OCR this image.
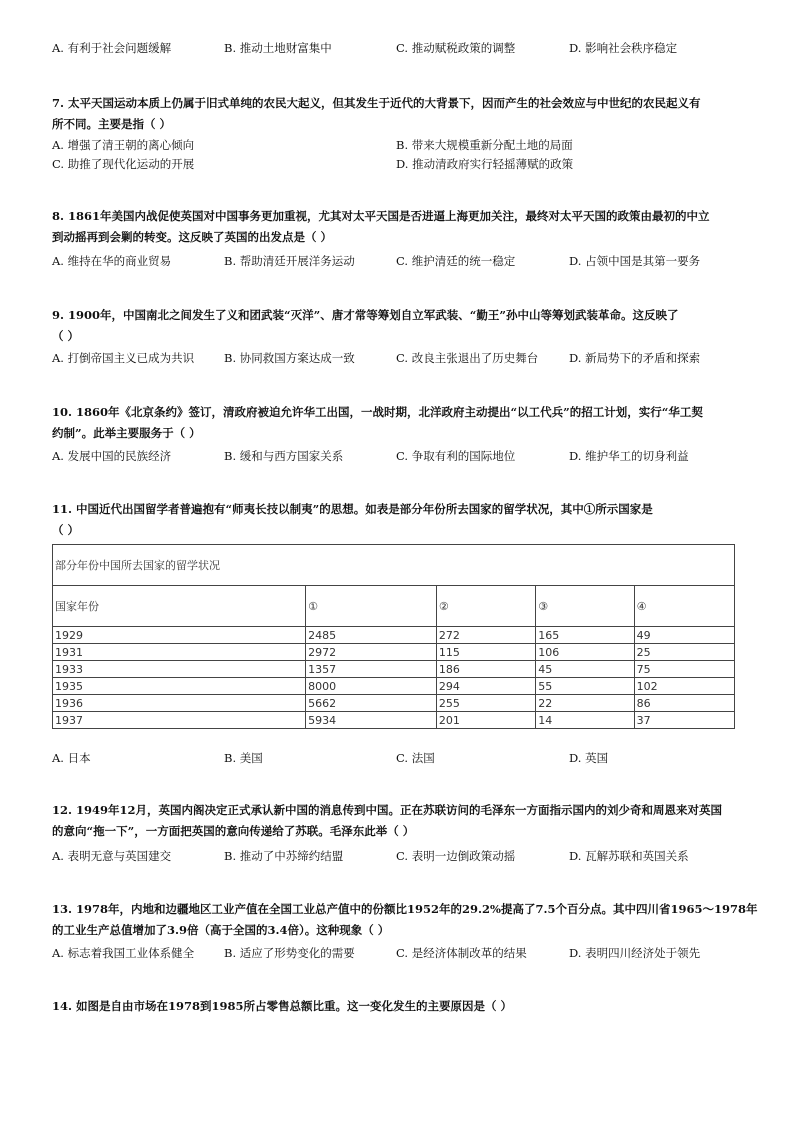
A. 有利于社会问题缓解	B. 推动土地财富集中	C. 推动赋税政策的调整	D. 影响社会秩序稳定
7. 太平天国运动本质上仍属于旧式单纯的农民大起义，但其发生于近代的大背景下，因而产生的社会效应与中世纪的农民起义有
所不同。主要是指（ ）
A. 增强了清王朝的离心倾向	B. 带来大规模重新分配土地的局面
C. 助推了现代化运动的开展	D. 推动清政府实行轻摇薄赋的政策
8. 1861年美国内战促使英国对中国事务更加重视，尤其对太平天国是否进逼上海更加关注，最终对太平天国的政策由最初的中立
到动摇再到会剿的转变。这反映了英国的出发点是（ ）
A. 维持在华的商业贸易	B. 帮助清廷开展洋务运动	C. 维护清廷的统一稳定	D. 占领中国是其第一要务
9. 1900年，中国南北之间发生了义和团武装“灭洋”、唐才常等筹划自立军武装、“勤王”孙中山等筹划武装革命。这反映了
（ ）
A. 打倒帝国主义已成为共识	B. 协同救国方案达成一致	C. 改良主张退出了历史舞台	D. 新局势下的矛盾和探索
10. 1860年《北京条约》签订，清政府被迫允许华工出国，一战时期，北洋政府主动提出“以工代兵”的招工计划，实行“华工契
约制”。此举主要服务于（ ）
A. 发展中国的民族经济	B. 缓和与西方国家关系	C. 争取有利的国际地位	D. 维护华工的切身利益
11. 中国近代出国留学者普遍抱有“师夷长技以制夷”的思想。如表是部分年份所去国家的留学状况，其中①所示国家是
（ ）
部分年份中国所去国家的留学状况				
国家年份	①	②	③	④
1929	2485	272	165	49
1931	2972	115	106	25
1933	1357	186	45	75
1935	8000	294	55	102
1936	5662	255	22	86
1937	5934	201	14	37
A. 日本	B. 美国	C. 法国	D. 英国
12. 1949年12月，英国内阁决定正式承认新中国的消息传到中国。正在苏联访问的毛泽东一方面指示国内的刘少奇和周恩来对英国
的意向“拖一下”，一方面把英国的意向传递给了苏联。毛泽东此举（ ）
A. 表明无意与英国建交	B. 推动了中苏缔约结盟	C. 表明一边倒政策动摇	D. 瓦解苏联和英国关系
13. 1978年，内地和边疆地区工业产值在全国工业总产值中的份额比1952年的29.2%提高了7.5个百分点。其中四川省1965～1978年
的工业生产总值增加了3.9倍（高于全国的3.4倍）。这种现象（ ）
A. 标志着我国工业体系健全	B. 适应了形势变化的需要	C. 是经济体制改革的结果	D. 表明四川经济处于领先
14. 如图是自由市场在1978到1985所占零售总额比重。这一变化发生的主要原因是（ ）
